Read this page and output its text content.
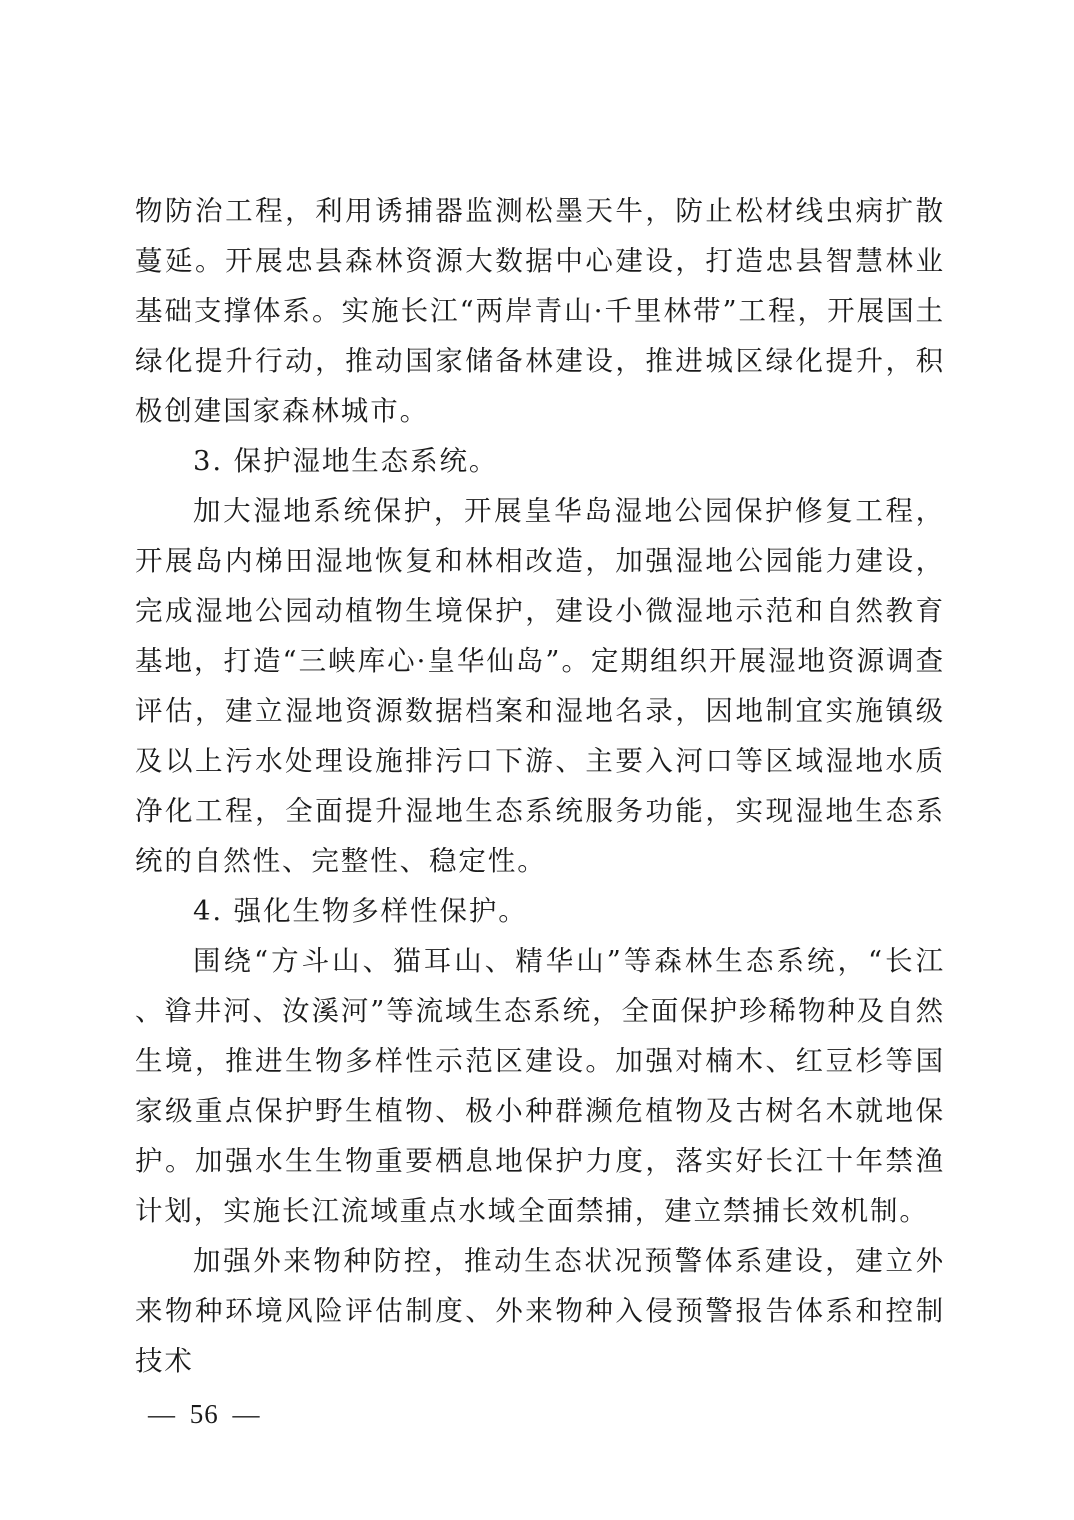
物防治工程，利用诱捕器监测松墨天牛，防止松材线虫病扩散蔓延。开展忠县森林资源大数据中心建设，打造忠县智慧林业基础支撑体系。实施长江“两岸青山·千里林带”工程，开展国土绿化提升行动，推动国家储备林建设，推进城区绿化提升，积极创建国家森林城市。

3. 保护湿地生态系统。

加大湿地系统保护，开展皇华岛湿地公园保护修复工程，开展岛内梯田湿地恢复和林相改造，加强湿地公园能力建设，完成湿地公园动植物生境保护，建设小微湿地示范和自然教育基地，打造“三峡库心·皇华仙岛”。定期组织开展湿地资源调查评估，建立湿地资源数据档案和湿地名录，因地制宜实施镇级及以上污水处理设施排污口下游、主要入河口等区域湿地水质净化工程，全面提升湿地生态系统服务功能，实现湿地生态系统的自然性、完整性、稳定性。

4. 强化生物多样性保护。

围绕“方斗山、猫耳山、精华山”等森林生态系统，“长江、㽏井河、汝溪河”等流域生态系统，全面保护珍稀物种及自然生境，推进生物多样性示范区建设。加强对楠木、红豆杉等国家级重点保护野生植物、极小种群濒危植物及古树名木就地保护。加强水生生物重要栖息地保护力度，落实好长江十年禁渔计划，实施长江流域重点水域全面禁捕，建立禁捕长效机制。

加强外来物种防控，推动生态状况预警体系建设，建立外来物种环境风险评估制度、外来物种入侵预警报告体系和控制技术

— 56 —
